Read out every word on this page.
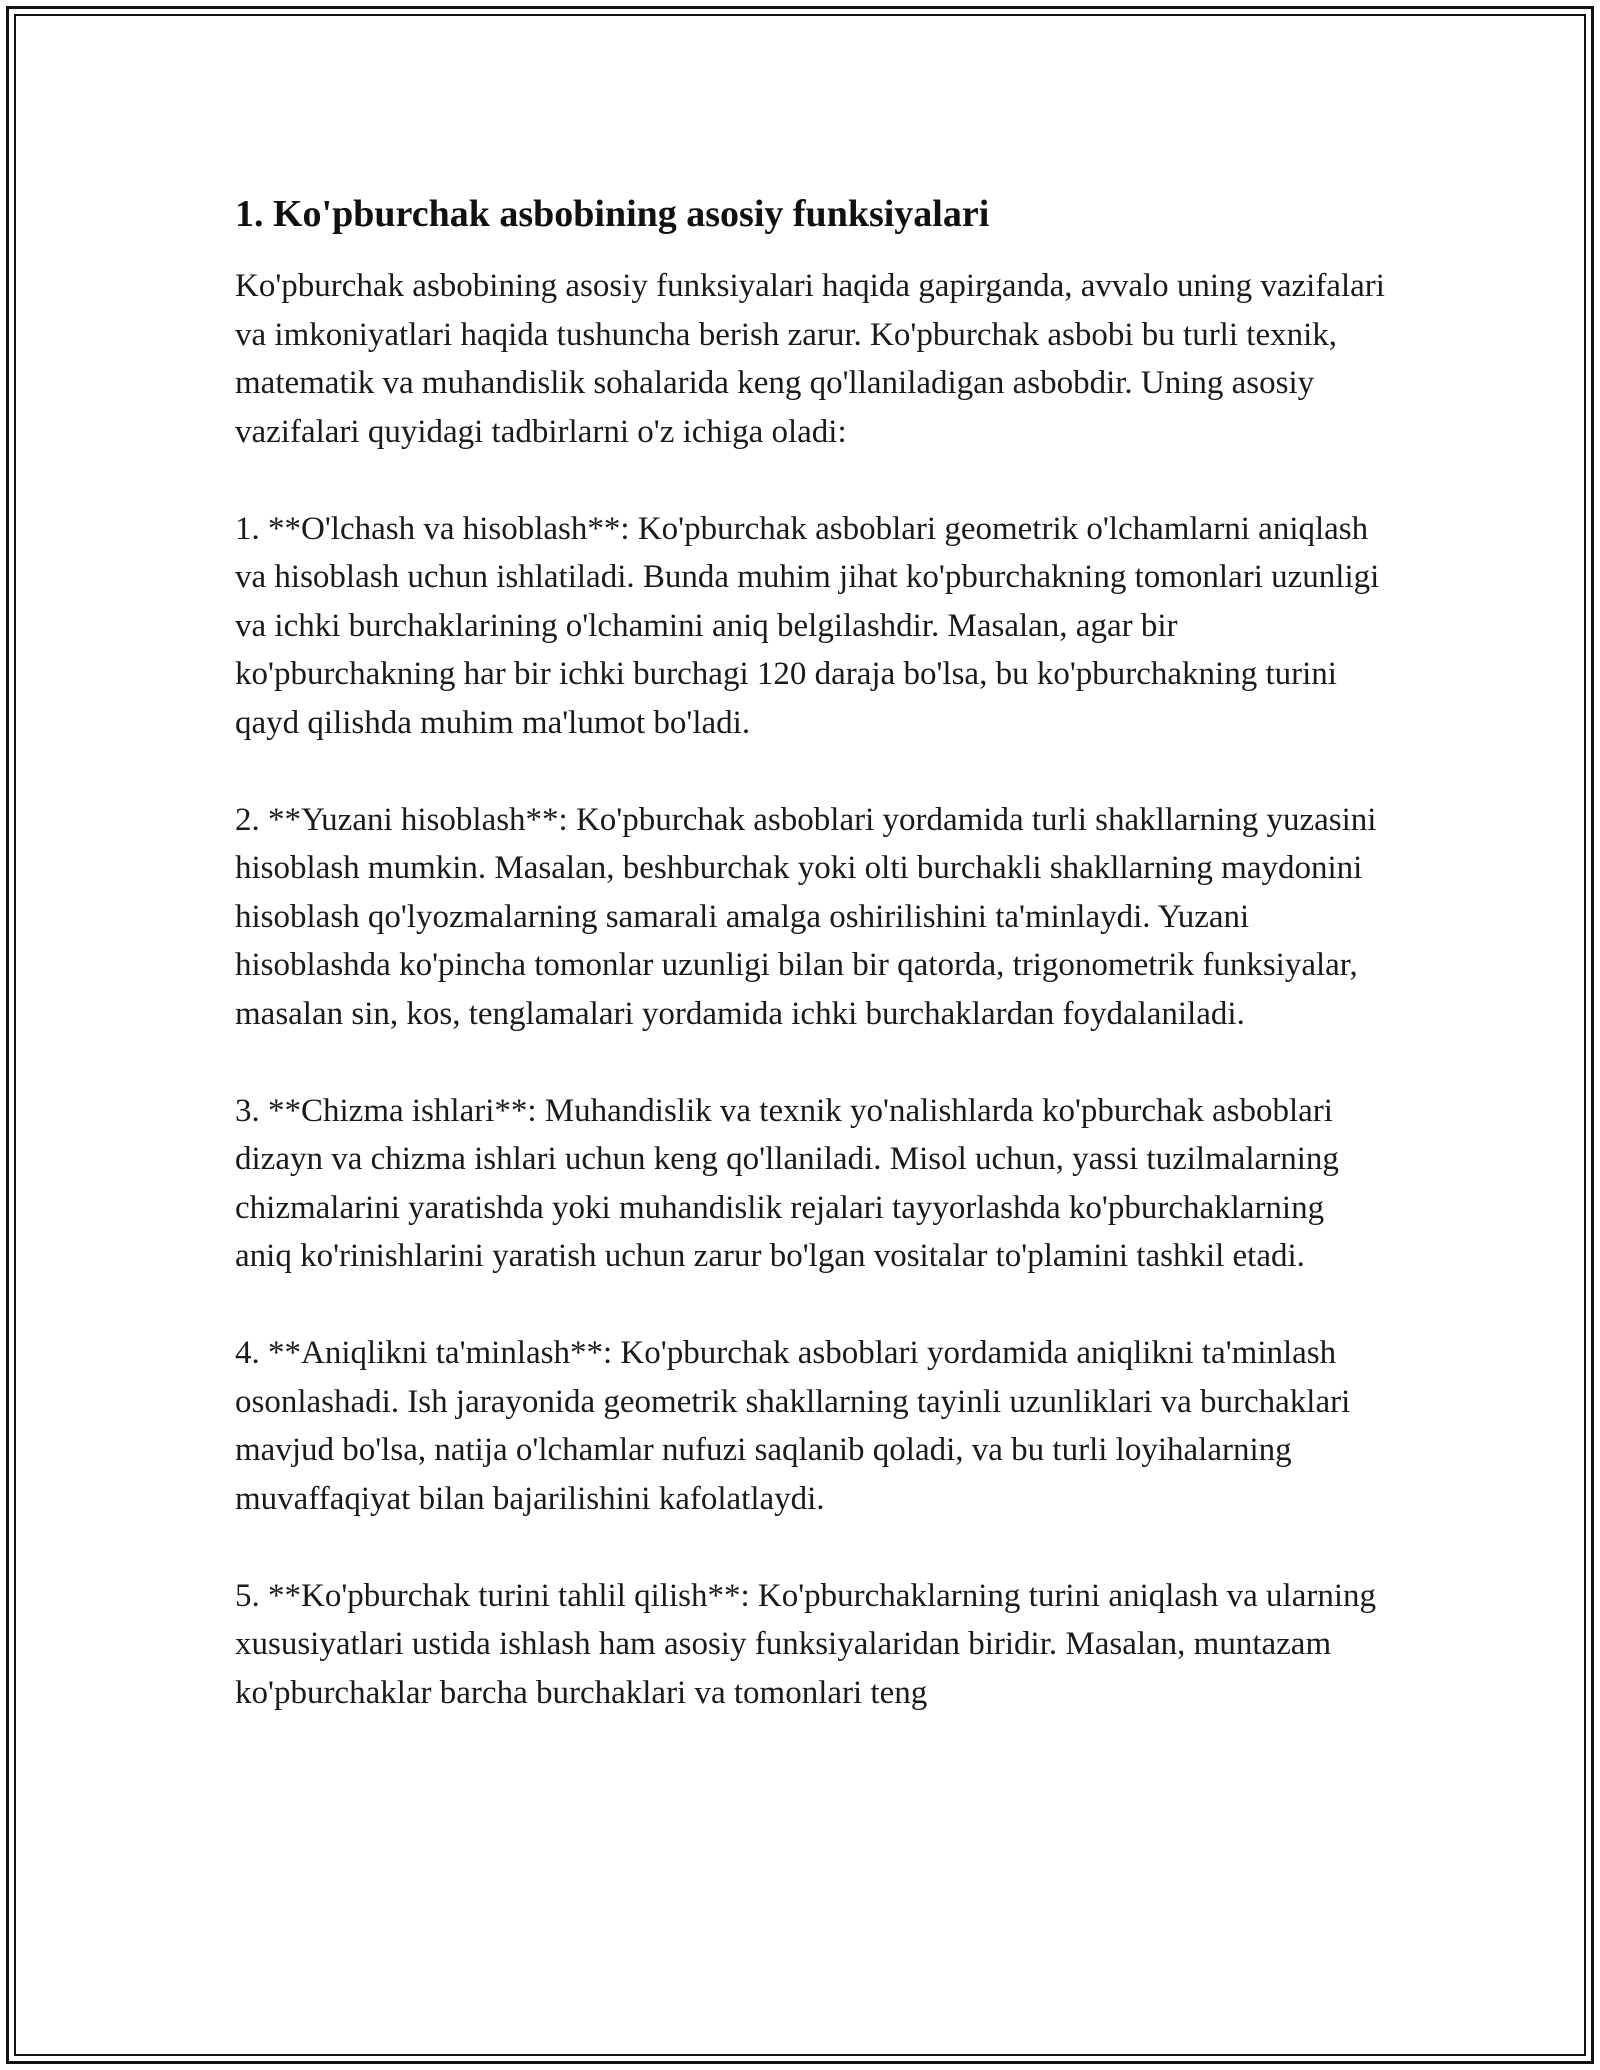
1. Ko'pburchak asbobining asosiy funksiyalari

Ko'pburchak asbobining asosiy funksiyalari haqida gapirganda, avvalo uning vazifalari va imkoniyatlari haqida tushuncha berish zarur. Ko'pburchak asbobi bu turli texnik, matematik va muhandislik sohalarida keng qo'llaniladigan asbobdir. Uning asosiy vazifalari quyidagi tadbirlarni o'z ichiga oladi:

1. **O'lchash va hisoblash**: Ko'pburchak asboblari geometrik o'lchamlarni aniqlash va hisoblash uchun ishlatiladi. Bunda muhim jihat ko'pburchakning tomonlari uzunligi va ichki burchaklarining o'lchamini aniq belgilashdir. Masalan, agar bir ko'pburchakning har bir ichki burchagi 120 daraja bo'lsa, bu ko'pburchakning turini qayd qilishda muhim ma'lumot bo'ladi.

2. **Yuzani hisoblash**: Ko'pburchak asboblari yordamida turli shakllarning yuzasini hisoblash mumkin. Masalan, beshburchak yoki olti burchakli shakllarning maydonini hisoblash qo'lyozmalarning samarali amalga oshirilishini ta'minlaydi. Yuzani hisoblashda ko'pincha tomonlar uzunligi bilan bir qatorda, trigonometrik funksiyalar, masalan sin, kos, tenglamalari yordamida ichki burchaklardan foydalaniladi.

3. **Chizma ishlari**: Muhandislik va texnik yo'nalishlarda ko'pburchak asboblari dizayn va chizma ishlari uchun keng qo'llaniladi. Misol uchun, yassi tuzilmalarning chizmalarini yaratishda yoki muhandislik rejalari tayyorlashda ko'pburchaklarning aniq ko'rinishlarini yaratish uchun zarur bo'lgan vositalar to'plamini tashkil etadi.

4. **Aniqlikni ta'minlash**: Ko'pburchak asboblari yordamida aniqlikni ta'minlash osonlashadi. Ish jarayonida geometrik shakllarning tayinli uzunliklari va burchaklari mavjud bo'lsa, natija o'lchamlar nufuzi saqlanib qoladi, va bu turli loyihalarning muvaffaqiyat bilan bajarilishini kafolatlaydi.

5. **Ko'pburchak turini tahlil qilish**: Ko'pburchaklarning turini aniqlash va ularning xususiyatlari ustida ishlash ham asosiy funksiyalaridan biridir. Masalan, muntazam ko'pburchaklar barcha burchaklari va tomonlari teng
